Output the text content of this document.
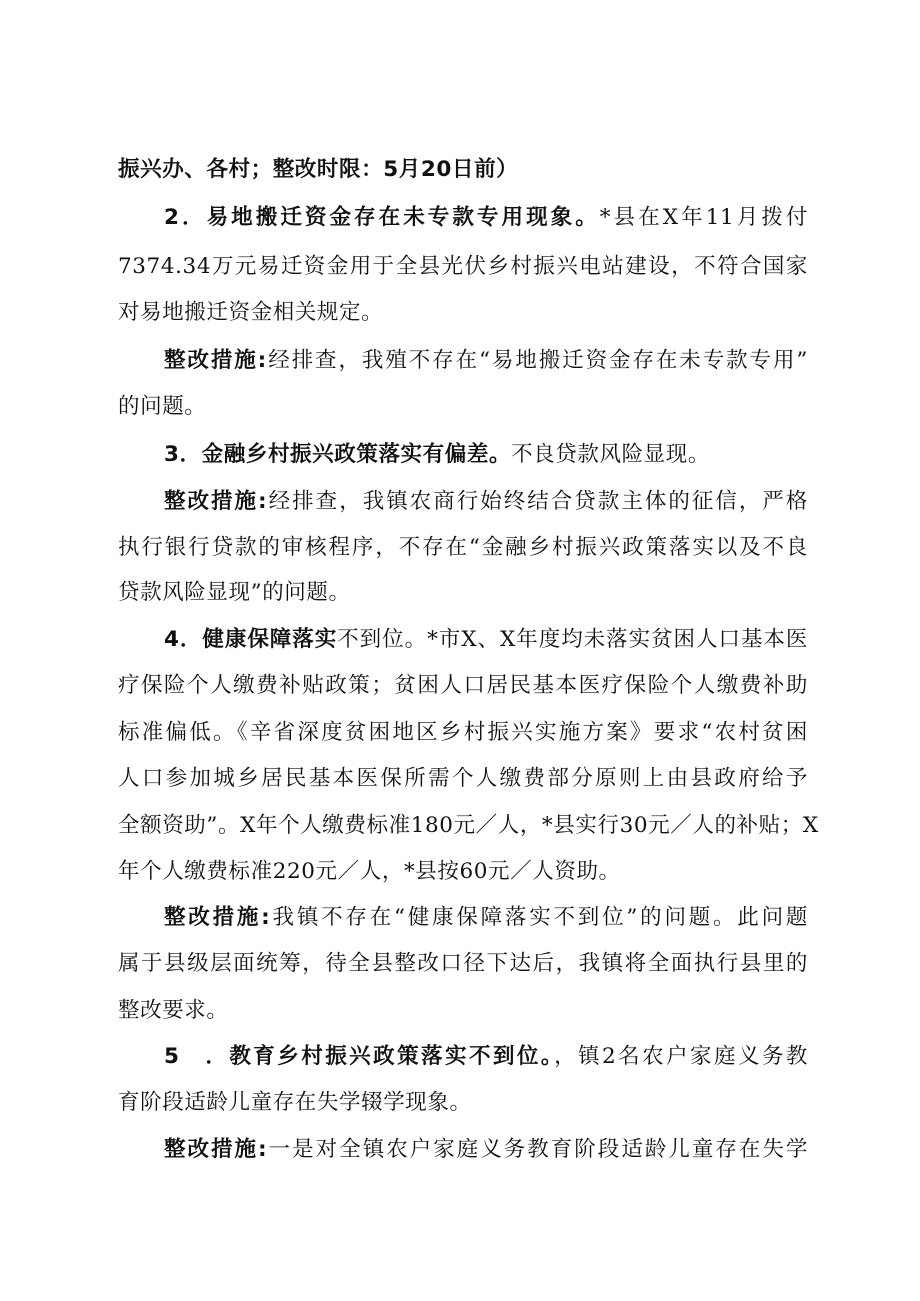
振兴办、各村；整改时限：5月20日前）
2．易地搬迁资金存在未专款专用现象。*县在X年11月拨付
7374.34万元易迁资金用于全县光伏乡村振兴电站建设，不符合国家
对易地搬迁资金相关规定。
整改措施:经排查，我殖不存在“易地搬迁资金存在未专款专用”
的问题。
3．金融乡村振兴政策落实有偏差。不良贷款风险显现。
整改措施:经排查，我镇农商行始终结合贷款主体的征信，严格
执行银行贷款的审核程序，不存在“金融乡村振兴政策落实以及不良
贷款风险显现”的问题。
4．健康保障落实不到位。*市X、X年度均未落实贫困人口基本医
疗保险个人缴费补贴政策；贫困人口居民基本医疗保险个人缴费补助
标准偏低。《辛省深度贫困地区乡村振兴实施方案》要求“农村贫困
人口参加城乡居民基本医保所需个人缴费部分原则上由县政府给予
全额资助”。X年个人缴费标准180元／人，*县实行30元／人的补贴；X
年个人缴费标准220元／人，*县按60元／人资助。
整改措施:我镇不存在“健康保障落实不到位”的问题。此问题
属于县级层面统筹，待全县整改口径下达后，我镇将全面执行县里的
整改要求。
5　．教育乡村振兴政策落实不到位。，镇2名农户家庭义务教
育阶段适龄儿童存在失学辍学现象。
整改措施:一是对全镇农户家庭义务教育阶段适龄儿童存在失学
